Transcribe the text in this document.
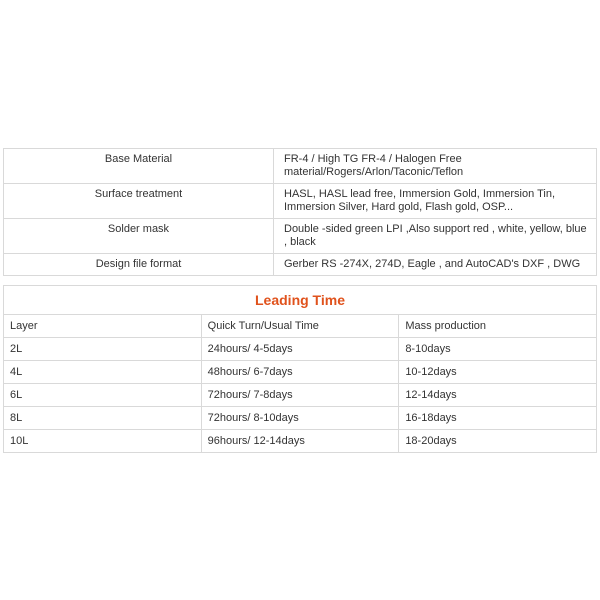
Base Material	FR-4 / High TG FR-4 / Halogen Free material/Rogers/Arlon/Taconic/Teflon
Surface treatment	HASL, HASL lead free, Immersion Gold, Immersion Tin, Immersion Silver, Hard gold, Flash gold, OSP...
Solder mask	Double -sided green LPI ,Also support red , white, yellow, blue , black
Design file format	Gerber RS -274X, 274D, Eagle , and AutoCAD's DXF , DWG
Leading Time		
Layer	Quick Turn/Usual Time	Mass production
2L	24hours/ 4-5days	8-10days
4L	48hours/ 6-7days	10-12days
6L	72hours/ 7-8days	12-14days
8L	72hours/ 8-10days	16-18days
10L	96hours/ 12-14days	18-20days
